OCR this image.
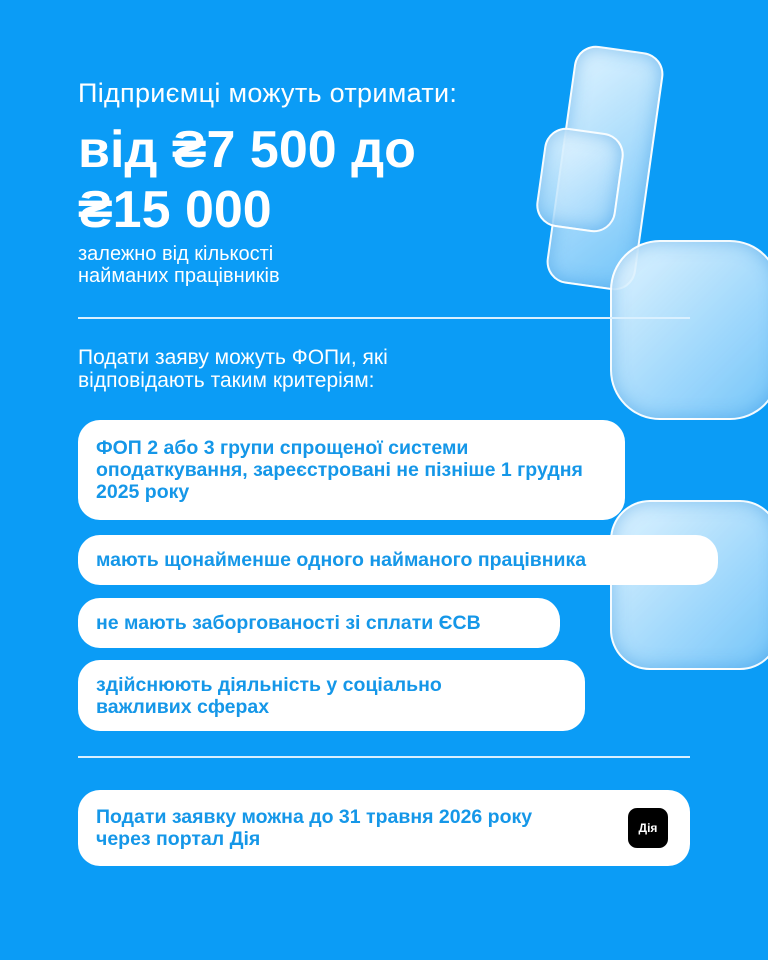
Підприємці можуть отримати:
від ₴7 500 до
₴15 000
залежно від кількості
найманих працівників
Подати заяву можуть ФОПи, які
відповідають таким критеріям:
ФОП 2 або 3 групи спрощеної системи оподаткування, зареєстровані не пізніше 1 грудня 2025 року
мають щонайменше одного найманого працівника
не мають заборгованості зі сплати ЄСВ
здійснюють діяльність у соціально важливих сферах
Подати заявку можна до 31 травня 2026 року через портал Дія	Дія
